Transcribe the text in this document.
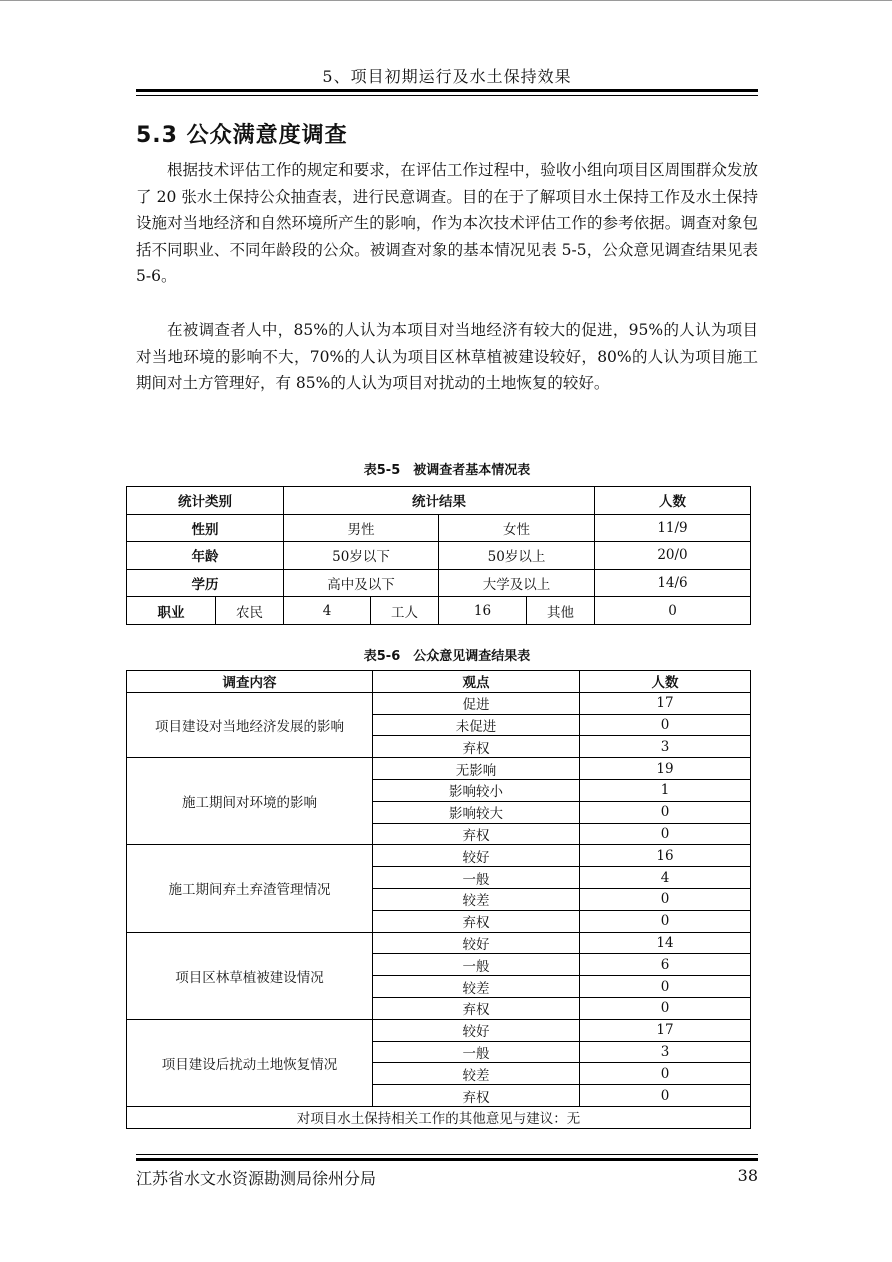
5、项目初期运行及水土保持效果
5.3 公众满意度调查

根据技术评估工作的规定和要求，在评估工作过程中，验收小组向项目区周围群众发放了 20 张水土保持公众抽查表，进行民意调查。目的在于了解项目水土保持工作及水土保持设施对当地经济和自然环境所产生的影响，作为本次技术评估工作的参考依据。调查对象包括不同职业、不同年龄段的公众。被调查对象的基本情况见表 5-5，公众意见调查结果见表 5-6。

在被调查者人中，85%的人认为本项目对当地经济有较大的促进，95%的人认为项目对当地环境的影响不大，70%的人认为项目区林草植被建设较好，80%的人认为项目施工期间对土方管理好，有 85%的人认为项目对扰动的土地恢复的较好。

表5-5　被调查者基本情况表
统计类别		统计结果				人数
性别		男性		女性		11/9
年龄		50岁以下		50岁以上		20/0
学历		高中及以下		大学及以上		14/6
职业	农民	4	工人	16	其他	0
表5-6　公众意见调查结果表
调查内容	观点	人数
项目建设对当地经济发展的影响	促进	17
	未促进	0
	弃权	3
施工期间对环境的影响	无影响	19
	影响较小	1
	影响较大	0
	弃权	0
施工期间弃土弃渣管理情况	较好	16
	一般	4
	较差	0
	弃权	0
项目区林草植被建设情况	较好	14
	一般	6
	较差	0
	弃权	0
项目建设后扰动土地恢复情况	较好	17
	一般	3
	较差	0
	弃权	0
对项目水土保持相关工作的其他意见与建议：无		
江苏省水文水资源勘测局徐州分局	38
